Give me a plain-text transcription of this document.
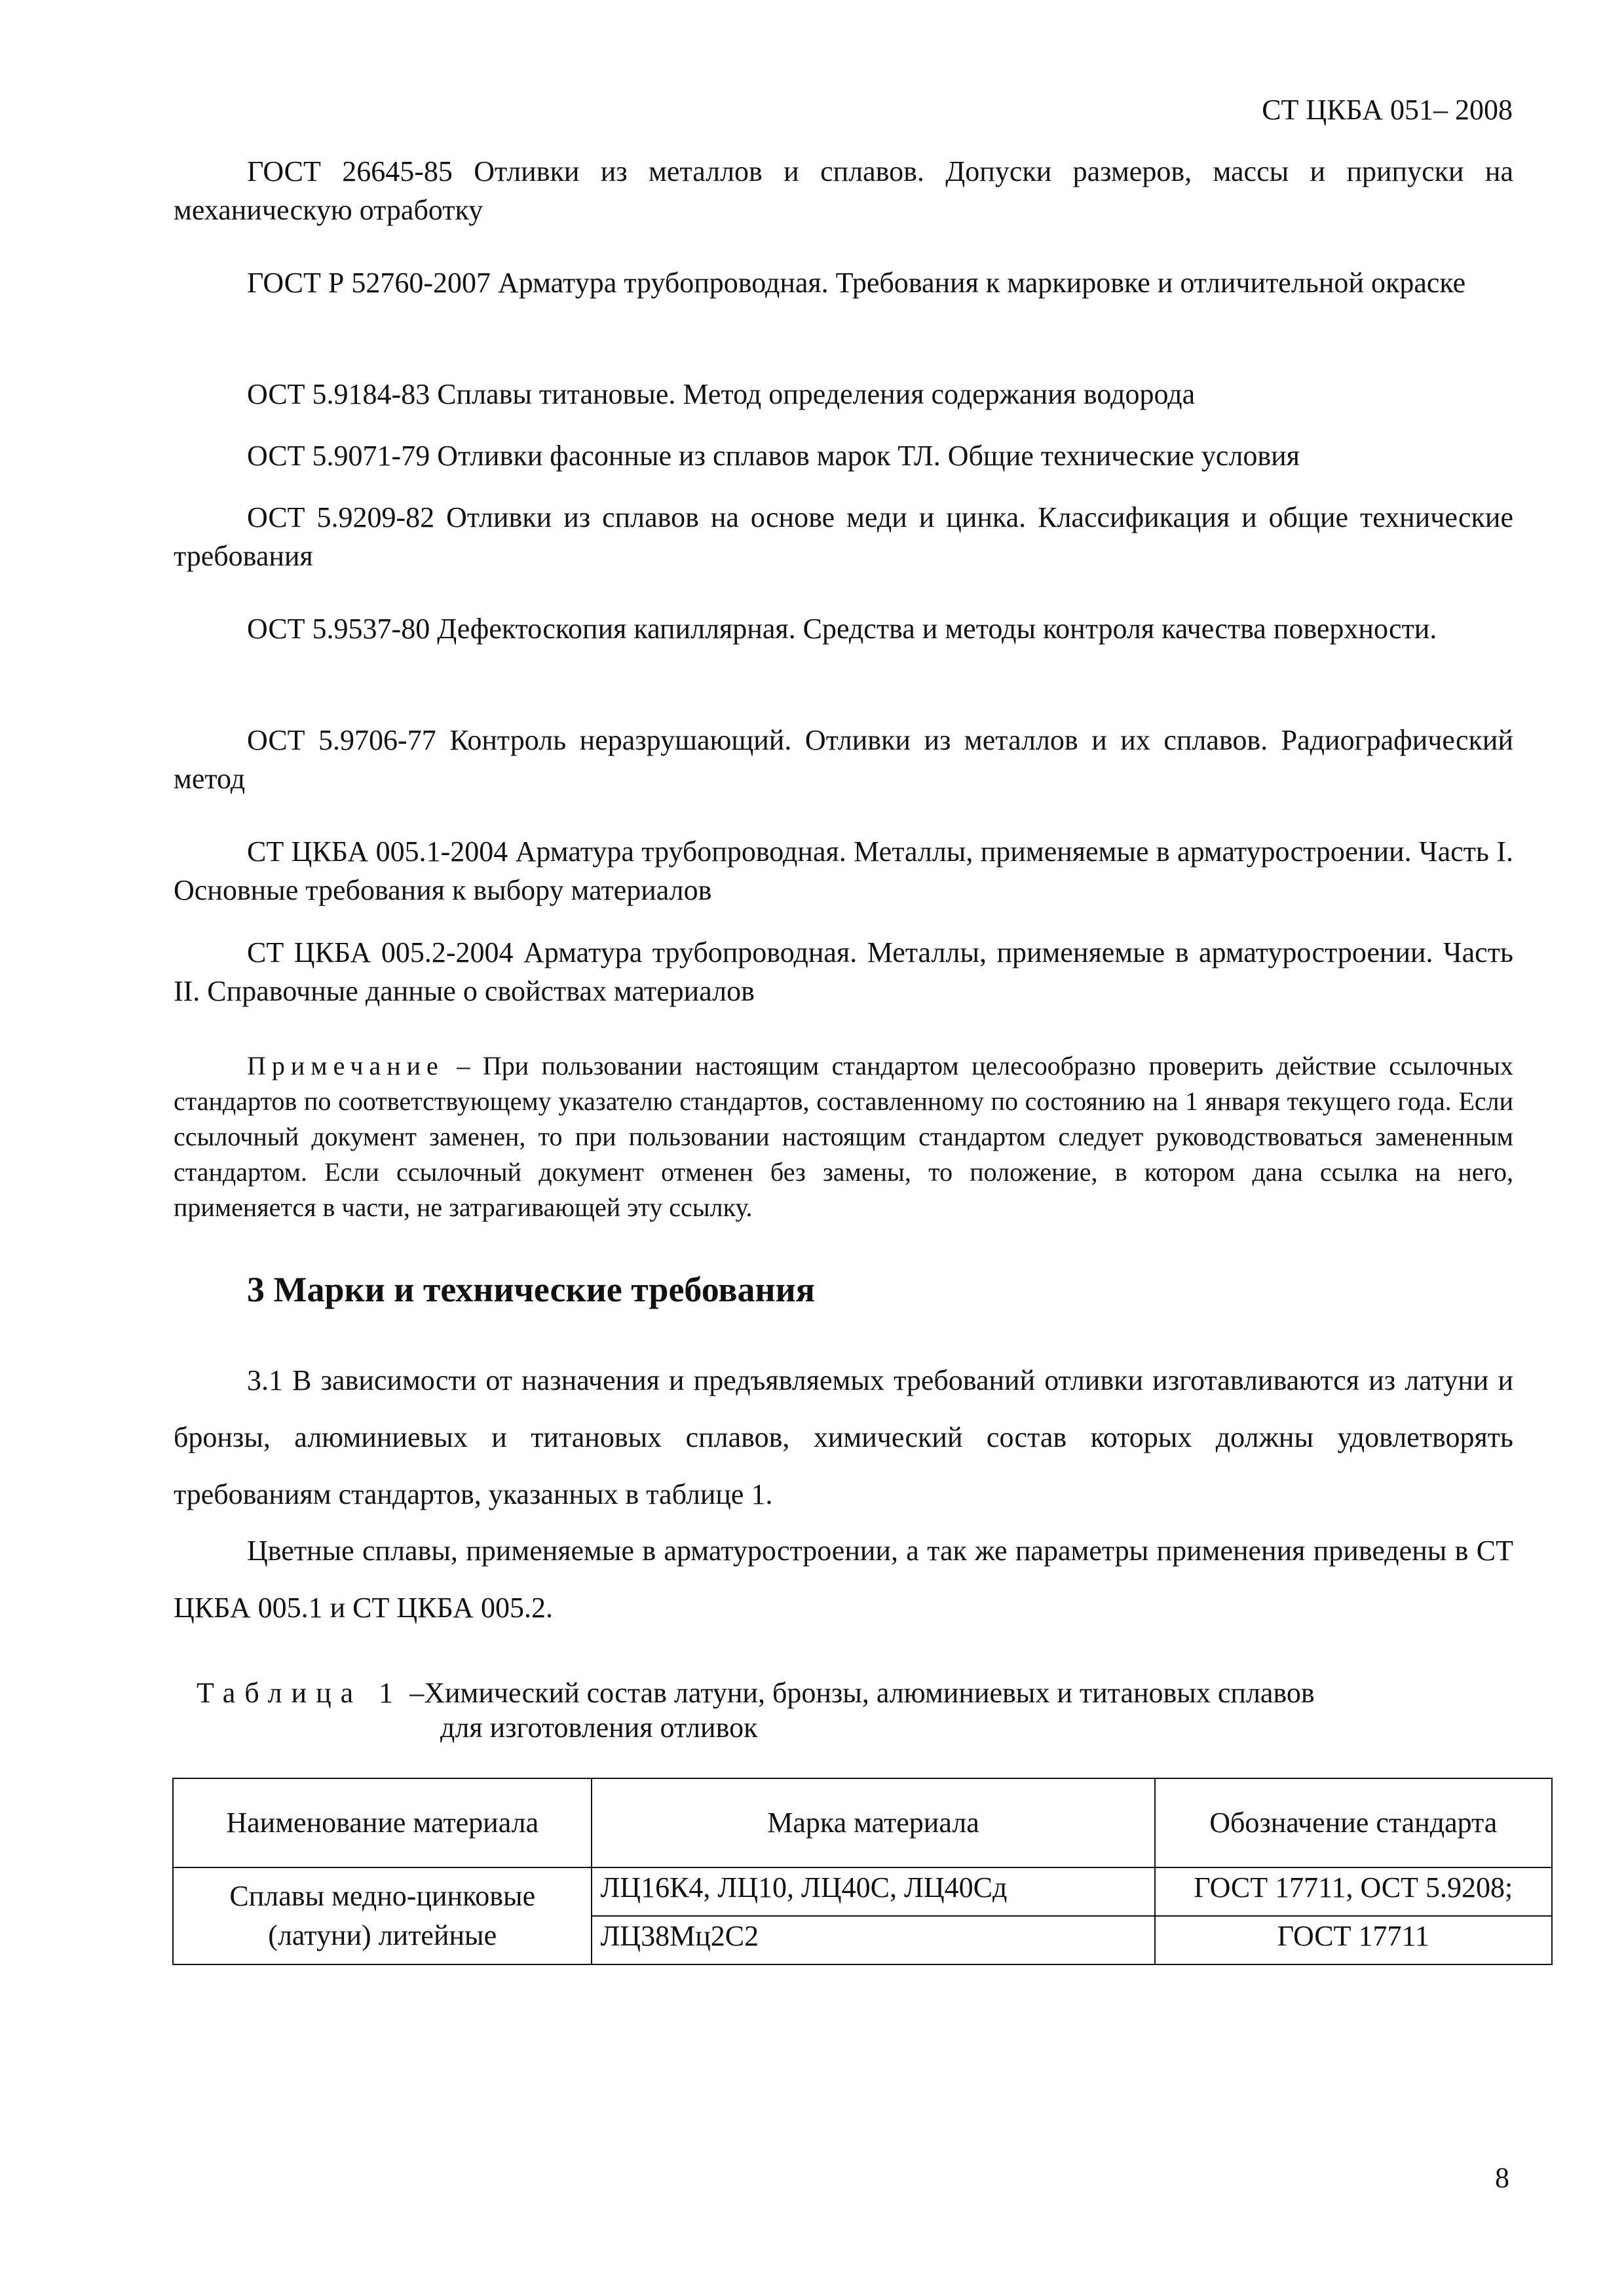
СТ ЦКБА 051– 2008
ГОСТ 26645-85 Отливки из металлов и сплавов. Допуски размеров, массы и припуски на механическую отработку
ГОСТ Р 52760-2007 Арматура трубопроводная. Требования к маркировке и отличительной окраске
ОСТ 5.9184-83 Сплавы титановые. Метод определения содержания водорода
ОСТ 5.9071-79 Отливки фасонные из сплавов марок ТЛ. Общие технические условия
ОСТ 5.9209-82 Отливки из сплавов на основе меди и цинка. Классификация и общие технические требования
ОСТ 5.9537-80 Дефектоскопия капиллярная. Средства и методы контроля качества поверхности.
ОСТ 5.9706-77 Контроль неразрушающий. Отливки из металлов и их сплавов. Радиографический метод
СТ ЦКБА 005.1-2004 Арматура трубопроводная. Металлы, применяемые в арматуростроении. Часть I. Основные требования к выбору материалов
СТ ЦКБА 005.2-2004 Арматура трубопроводная. Металлы, применяемые в арматуростроении. Часть II. Справочные данные о свойствах материалов
Примечание – При пользовании настоящим стандартом целесообразно проверить действие ссылочных стандартов по соответствующему указателю стандартов, составленному по состоянию на 1 января текущего года. Если ссылочный документ заменен, то при пользовании настоящим стандартом следует руководствоваться замененным стандартом. Если ссылочный документ отменен без замены, то положение, в котором дана ссылка на него, применяется в части, не затрагивающей эту ссылку.
3 Марки и технические требования
3.1 В зависимости от назначения и предъявляемых требований отливки изготавливаются из латуни и бронзы, алюминиевых и титановых сплавов, химический состав которых должны удовлетворять требованиям стандартов, указанных в таблице 1.
Цветные сплавы, применяемые в арматуростроении, а так же параметры применения приведены в СТ ЦКБА 005.1 и СТ ЦКБА 005.2.
Таблица 1 –Химический состав латуни, бронзы, алюминиевых и титановых сплавов
для изготовления отливок
Наименование материала	Марка материала	Обозначение стандарта
Сплавы медно-цинковые (латуни) литейные	ЛЦ16К4, ЛЦ10, ЛЦ40С, ЛЦ40Сд	ГОСТ 17711, ОСТ 5.9208;
	ЛЦ38Мц2С2	ГОСТ 17711
8
